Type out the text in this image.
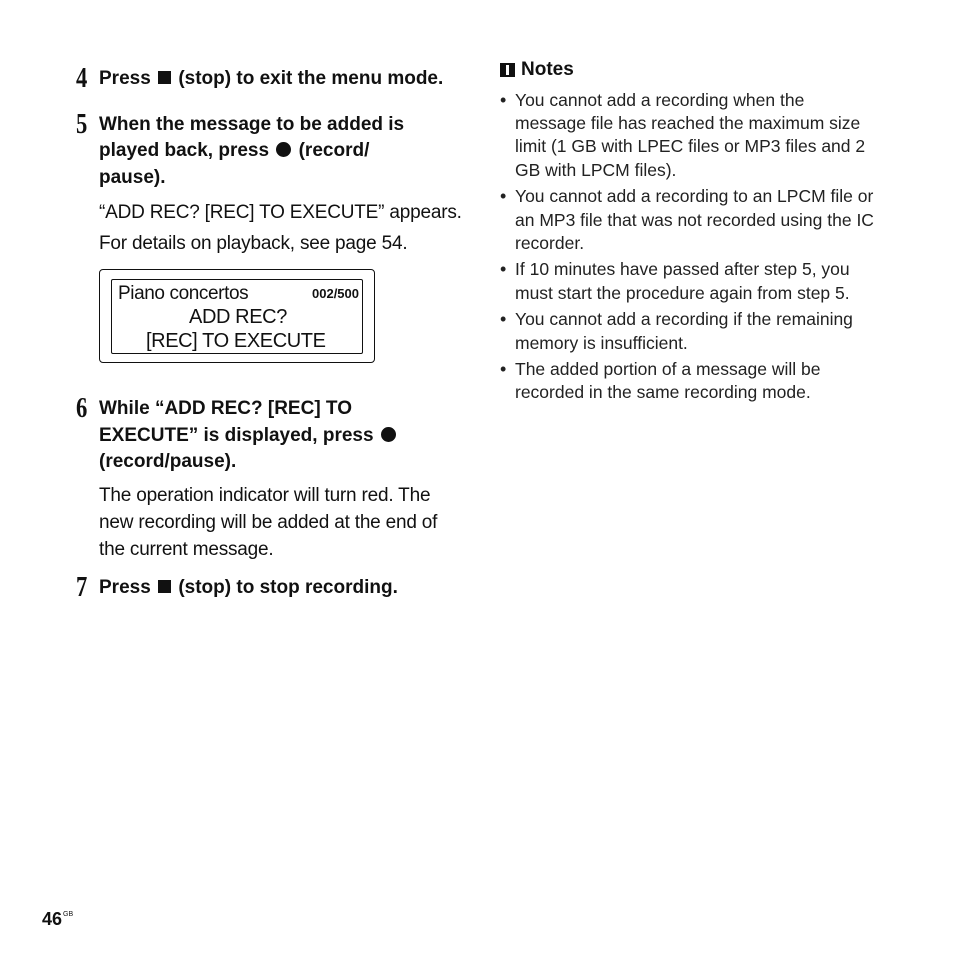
4 Press  (stop) to exit the menu mode.
5 When the message to be added is played back, press  (record/ pause).
“ADD REC? [REC] TO EXECUTE” appears.
For details on playback, see page 54.
Piano concertos	002/500
ADD REC?
[REC] TO EXECUTE
6 While “ADD REC? [REC] TO EXECUTE” is displayed, press  (record/pause).
The operation indicator will turn red. The new recording will be added at the end of the current message.
7 Press  (stop) to stop recording.
Notes
• You cannot add a recording when the message file has reached the maximum size limit (1 GB with LPEC files or MP3 files and 2 GB with LPCM files).
• You cannot add a recording to an LPCM file or an MP3 file that was not recorded using the IC recorder.
• If 10 minutes have passed after step 5, you must start the procedure again from step 5.
• You cannot add a recording if the remaining memory is insufficient.
• The added portion of a message will be recorded in the same recording mode.
$46^{GB}$
